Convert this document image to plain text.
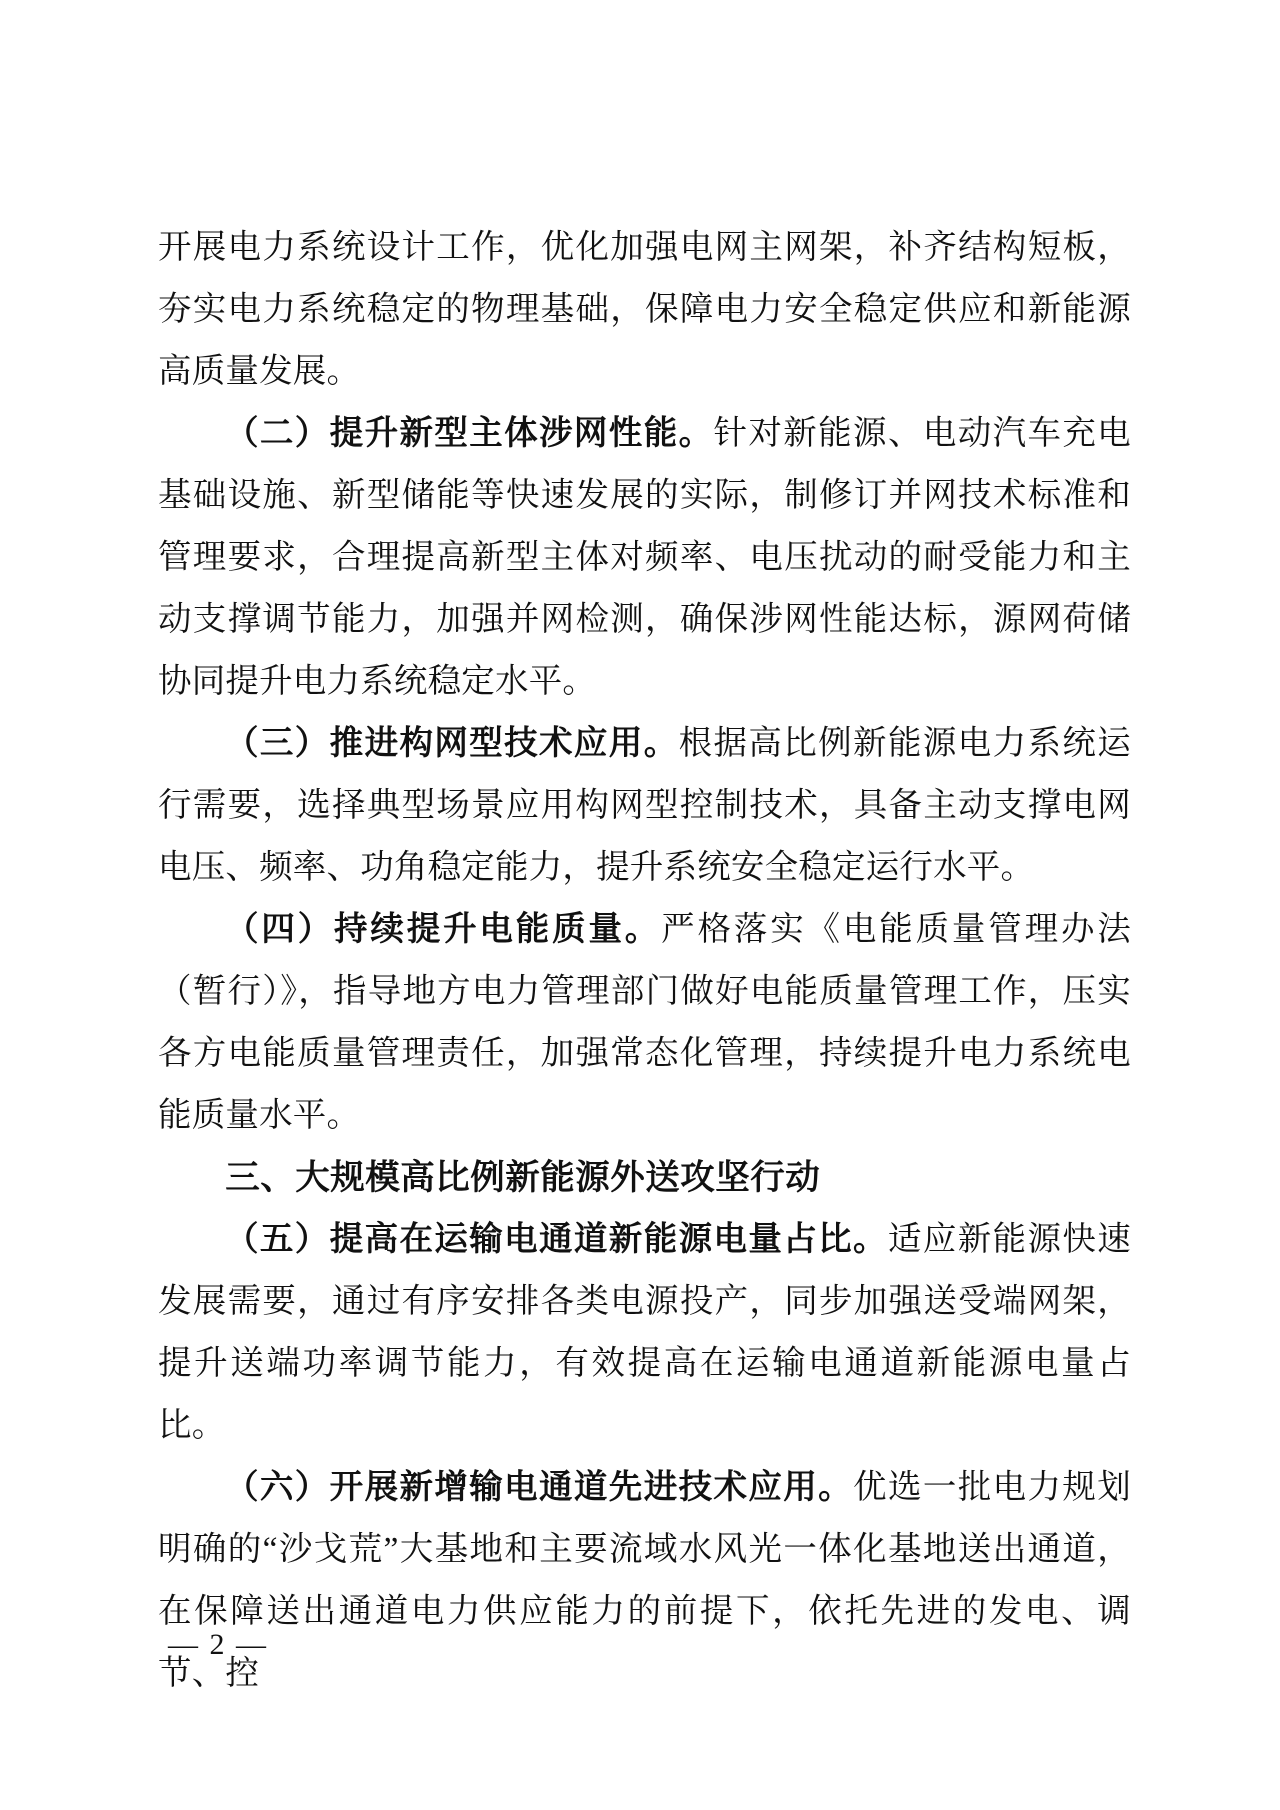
开展电力系统设计工作，优化加强电网主网架，补齐结构短板，夯实电力系统稳定的物理基础，保障电力安全稳定供应和新能源高质量发展。

（二）提升新型主体涉网性能。针对新能源、电动汽车充电基础设施、新型储能等快速发展的实际，制修订并网技术标准和管理要求，合理提高新型主体对频率、电压扰动的耐受能力和主动支撑调节能力，加强并网检测，确保涉网性能达标，源网荷储协同提升电力系统稳定水平。

（三）推进构网型技术应用。根据高比例新能源电力系统运行需要，选择典型场景应用构网型控制技术，具备主动支撑电网电压、频率、功角稳定能力，提升系统安全稳定运行水平。

（四）持续提升电能质量。严格落实《电能质量管理办法（暂行）》，指导地方电力管理部门做好电能质量管理工作，压实各方电能质量管理责任，加强常态化管理，持续提升电力系统电能质量水平。

三、大规模高比例新能源外送攻坚行动

（五）提高在运输电通道新能源电量占比。适应新能源快速发展需要，通过有序安排各类电源投产，同步加强送受端网架，提升送端功率调节能力，有效提高在运输电通道新能源电量占比。

（六）开展新增输电通道先进技术应用。优选一批电力规划明确的“沙戈荒”大基地和主要流域水风光一体化基地送出通道，在保障送出通道电力供应能力的前提下，依托先进的发电、调节、控

— 2 —
